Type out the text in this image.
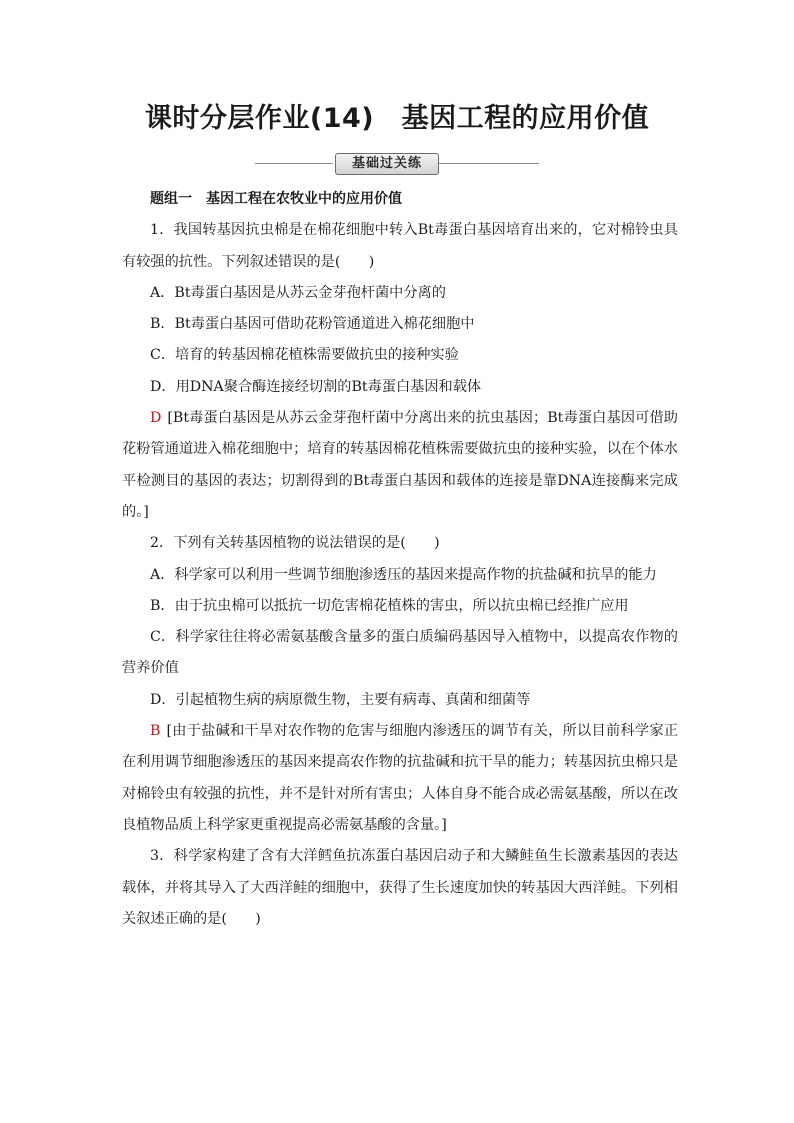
课时分层作业(14)　基因工程的应用价值
基础过关练

题组一　基因工程在农牧业中的应用价值

1．我国转基因抗虫棉是在棉花细胞中转入Bt毒蛋白基因培育出来的，它对棉铃虫具有较强的抗性。下列叙述错误的是(　　)

A．Bt毒蛋白基因是从苏云金芽孢杆菌中分离的

B．Bt毒蛋白基因可借助花粉管通道进入棉花细胞中

C．培育的转基因棉花植株需要做抗虫的接种实验

D．用DNA聚合酶连接经切割的Bt毒蛋白基因和载体

D [Bt毒蛋白基因是从苏云金芽孢杆菌中分离出来的抗虫基因；Bt毒蛋白基因可借助花粉管通道进入棉花细胞中；培育的转基因棉花植株需要做抗虫的接种实验，以在个体水平检测目的基因的表达；切割得到的Bt毒蛋白基因和载体的连接是靠DNA连接酶来完成的。]

2．下列有关转基因植物的说法错误的是(　　)

A．科学家可以利用一些调节细胞渗透压的基因来提高作物的抗盐碱和抗旱的能力

B．由于抗虫棉可以抵抗一切危害棉花植株的害虫，所以抗虫棉已经推广应用

C．科学家往往将必需氨基酸含量多的蛋白质编码基因导入植物中，以提高农作物的营养价值

D．引起植物生病的病原微生物，主要有病毒、真菌和细菌等

B [由于盐碱和干旱对农作物的危害与细胞内渗透压的调节有关，所以目前科学家正在利用调节细胞渗透压的基因来提高农作物的抗盐碱和抗干旱的能力；转基因抗虫棉只是对棉铃虫有较强的抗性，并不是针对所有害虫；人体自身不能合成必需氨基酸，所以在改良植物品质上科学家更重视提高必需氨基酸的含量。]

3．科学家构建了含有大洋鳕鱼抗冻蛋白基因启动子和大鳞鲑鱼生长激素基因的表达载体，并将其导入了大西洋鲑的细胞中，获得了生长速度加快的转基因大西洋鲑。下列相关叙述正确的是(　　)
